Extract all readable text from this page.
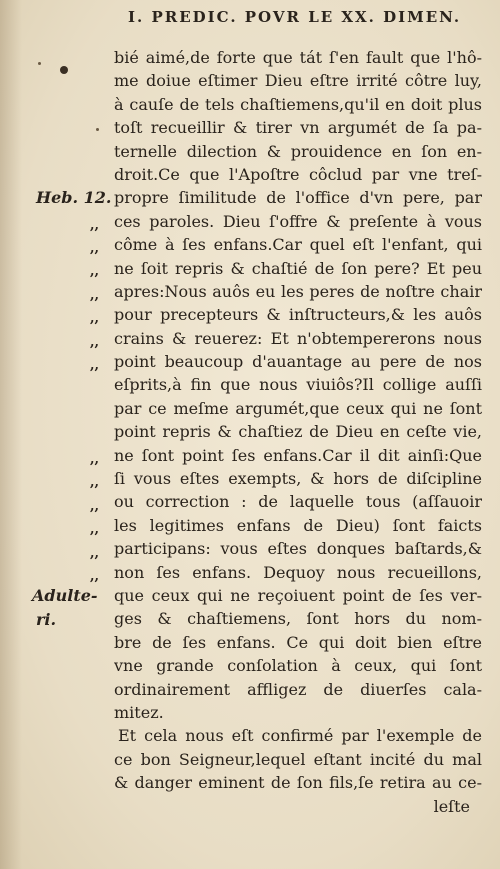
I. PREDIC. POVR LE XX. DIMEN.
Heb. 12.
Adulte-
ri.
,,
,,
,,
,,
,,
,,
,,
,,
,,
,,
,,
,,
,,
bié aimé,de forte que tát ſ'en fault que l'hô-
me doiue eſtimer Dieu eſtre irrité côtre luy,
à cauſe de tels chaſtiemens,qu'il en doit plus
toſt recueillir & tirer vn argumét de ſa pa-
ternelle dilection & prouidence en ſon en-
droit.Ce que l'Apoſtre côclud par vne treſ-
propre ſimilitude de l'office d'vn pere, par
ces paroles. Dieu ſ'offre & preſente à vous
côme à ſes enfans.Car quel eſt l'enfant, qui
ne ſoit repris & chaſtié de ſon pere? Et peu
apres:Nous auôs eu les peres de noſtre chair
pour precepteurs & inſtructeurs,& les auôs
crains & reuerez: Et n'obtempererons nous
point beaucoup d'auantage au pere de nos
eſprits,à fin que nous viuiôs?Il collige auſſi
par ce meſme argumét,que ceux qui ne ſont
point repris & chaſtiez de Dieu en ceſte vie,
ne ſont point ſes enfans.Car il dit ainſi:Que
ſi vous eſtes exempts, & hors de diſcipline
ou correction : de laquelle tous (aſſauoir
les legitimes enfans de Dieu) ſont faicts
participans: vous eſtes donques baſtards,&
non ſes enfans. Dequoy nous recueillons,
que ceux qui ne reçoiuent point de ſes ver-
ges & chaſtiemens, ſont hors du nom-
bre de ſes enfans. Ce qui doit bien eſtre
vne grande conſolation à ceux, qui ſont
ordinairement affligez de diuerſes cala-
mitez.
Et cela nous eſt confirmé par l'exemple de
ce bon Seigneur,lequel eſtant incité du mal
& danger eminent de ſon fils,ſe retira au ce-
leſte
